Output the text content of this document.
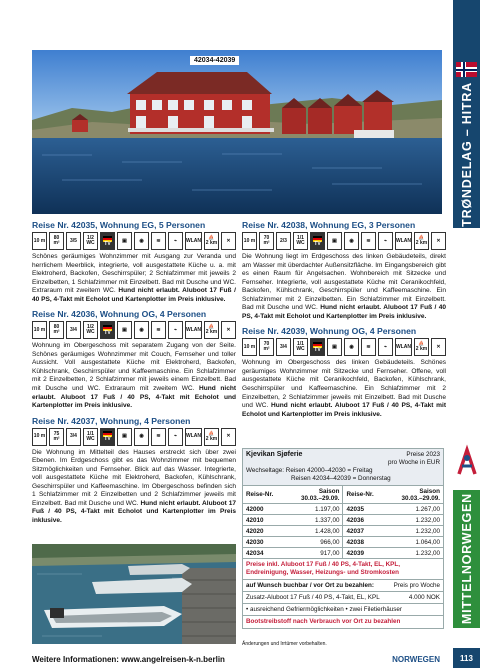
TRØNDELAG – HITRA
MITTELNORWEGEN
113
42034-42039
Reise Nr. 42035, Wohnung EG, 5 Personen
10 m 80
m² 3/5 1/2
WC TV ▣ ◉	≋	⌁ WLAN ⛵
2 km ✕
Schönes geräumiges Wohnzimmer mit Ausgang zur Veranda und herrlichem Meerblick, integrierte, voll ausgestattete Küche u. a. mit Elektroherd, Backofen, Geschirrspüler; 2 Schlafzimmer mit jeweils 2 Einzelbetten, 1 Schlafzimmer mit Einzelbett. Bad mit Dusche und WC. Extraraum mit zweitem WC. Hund nicht erlaubt. Aluboot 17 Fuß / 40 PS, 4-Takt mit Echolot und Kartenplotter im Preis inklusive.
Reise Nr. 42036, Wohnung OG, 4 Personen
10 m 80
m² 3/4 1/2
WC TV ▣ ◉	≋	⌁ WLAN ⛵
2 km ✕
Wohnung im Obergeschoss mit separatem Zugang von der Seite. Schönes geräumiges Wohnzimmer mit Couch, Fernseher und toller Aussicht. Voll ausgestattete Küche mit Elektroherd, Backofen, Kühlschrank, Geschirrspüler und Kaffeemaschine. Ein Schlafzimmer mit 2 Einzelbetten, 2 Schlafzimmer mit jeweils einem Einzelbett. Bad mit Dusche und WC. Extraraum mit zweitem WC. Hund nicht erlaubt. Aluboot 17 Fuß / 40 PS, 4-Takt mit Echolot und Kartenplotter im Preis inklusive.
Reise Nr. 42037, Wohnung, 4 Personen
10 m 75
m² 3/4 1/1
WC TV ▣ ◉	≋	⌁ WLAN ⛵
2 km ✕
Die Wohnung im Mittelteil des Hauses erstreckt sich über zwei Ebenen. Im Erdgeschoss gibt es das Wohnzimmer mit bequemen Sitzmöglichkeiten und Fernseher. Blick auf das Wasser. Integrierte, voll ausgestattete Küche mit Elektroherd, Backofen, Kühlschrank, Geschirrspüler und Kaffeemaschine. Im Obergeschoss befinden sich 1 Schlafzimmer mit 2 Einzelbetten und 2 Schlafzimmer jeweils mit Einzelbett. Bad mit Dusche und WC. Hund nicht erlaubt. Aluboot 17 Fuß / 40 PS, 4-Takt mit Echolot und Kartenplotter im Preis inklusive.
Reise Nr. 42038, Wohnung EG, 3 Personen
10 m 70
m² 2/3 1/1
WC TV ▣ ◉	≋	⌁ WLAN ⛵
2 km ✕
Die Wohnung liegt im Erdgeschoss des linken Gebäudeteils, direkt am Wasser mit überdachter Außensitzfläche. Im Eingangsbereich gibt es einen Raum für Angelsachen. Wohnbereich mit Sitzecke und Fernseher. Integrierte, voll ausgestattete Küche mit Ceranikochfeld, Backofen, Kühlschrank, Geschirrspüler und Kaffeemaschine. Ein Schlafzimmer mit 2 Einzelbetten. Ein Schlafzimmer mit Einzelbett. Bad mit Dusche und WC. Hund nicht erlaubt. Aluboot 17 Fuß / 40 PS, 4-Takt mit Echolot und Kartenplotter im Preis inklusive.
Reise Nr. 42039, Wohnung OG, 4 Personen
10 m 70
m² 3/4 1/1
WC TV ▣ ◉	≋	⌁ WLAN ⛵
2 km ✕
Wohnung im Obergeschoss des linken Gebäudeteils. Schönes geräumiges Wohnzimmer mit Sitzecke und Fernseher. Offene, voll ausgestattete Küche mit Ceranikochfeld, Backofen, Kühlschrank, Geschirrspüler und Kaffeemaschine. Ein Schlafzimmer mit 2 Einzelbetten, 2 Schlafzimmer jeweils mit Einzelbett. Bad mit Dusche und WC. Hund nicht erlaubt. Aluboot 17 Fuß / 40 PS, 4-Takt mit Echolot und Kartenplotter im Preis inklusive.
Kjevikan Sjøferie	Preise 2023
pro Woche in EUR
Wechseltage: Reisen 42000–42030 = Freitag
Reisen 42034–42039 = Donnerstag
Reise-Nr.	Saison
30.03.–29.09.	Reise-Nr.	Saison
30.03.–29.09.
42000	1.197,00	42035	1.267,00
42010	1.337,00	42036	1.232,00
42020	1.428,00	42037	1.232,00
42030	966,00	42038	1.064,00
42034	917,00	42039	1.232,00
Preise inkl. Aluboot 17 Fuß / 40 PS, 4-Takt, EL, KPL, Endreinigung, Wasser, Heizungs- und Stromkosten
auf Wunsch buchbar / vor Ort zu bezahlen:	Preis pro Woche
Zusatz-Aluboot 17 Fuß / 40 PS, 4-Takt, EL, KPL	4.000 NOK
• ausreichend Gefriermöglichkeiten • zwei Filetierhäuser
Bootstreibstoff nach Verbrauch vor Ort zu bezahlen
Änderungen und Irrtümer vorbehalten.
Weitere Informationen: www.angelreisen-k-n.berlin	NORWEGEN
